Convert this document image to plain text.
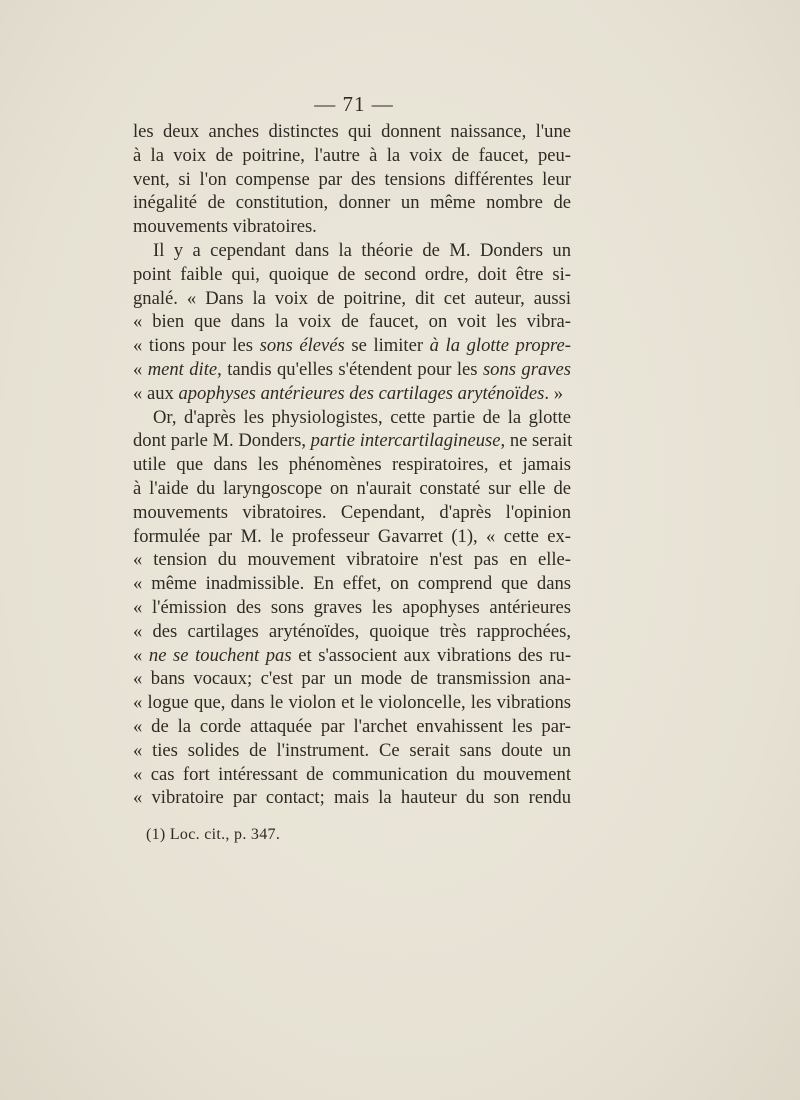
— 71 —
les deux anches distinctes qui donnent naissance, l'une
à la voix de poitrine, l'autre à la voix de faucet, peu-
vent, si l'on compense par des tensions différentes leur
inégalité de constitution, donner un même nombre de
mouvements vibratoires.
Il y a cependant dans la théorie de M. Donders un
point faible qui, quoique de second ordre, doit être si-
gnalé. « Dans la voix de poitrine, dit cet auteur, aussi
« bien que dans la voix de faucet, on voit les vibra-
« tions pour les sons élevés se limiter à la glotte propre-
« ment dite, tandis qu'elles s'étendent pour les sons graves
« aux apophyses antérieures des cartilages aryténoïdes. »
Or, d'après les physiologistes, cette partie de la glotte
dont parle M. Donders, partie intercartilagineuse, ne serait
utile que dans les phénomènes respiratoires, et jamais
à l'aide du laryngoscope on n'aurait constaté sur elle de
mouvements vibratoires. Cependant, d'après l'opinion
formulée par M. le professeur Gavarret (1), « cette ex-
« tension du mouvement vibratoire n'est pas en elle-
« même inadmissible. En effet, on comprend que dans
« l'émission des sons graves les apophyses antérieures
« des cartilages aryténoïdes, quoique très rapprochées,
« ne se touchent pas et s'associent aux vibrations des ru-
« bans vocaux; c'est par un mode de transmission ana-
« logue que, dans le violon et le violoncelle, les vibrations
« de la corde attaquée par l'archet envahissent les par-
« ties solides de l'instrument. Ce serait sans doute un
« cas fort intéressant de communication du mouvement
« vibratoire par contact; mais la hauteur du son rendu
(1) Loc. cit., p. 347.
